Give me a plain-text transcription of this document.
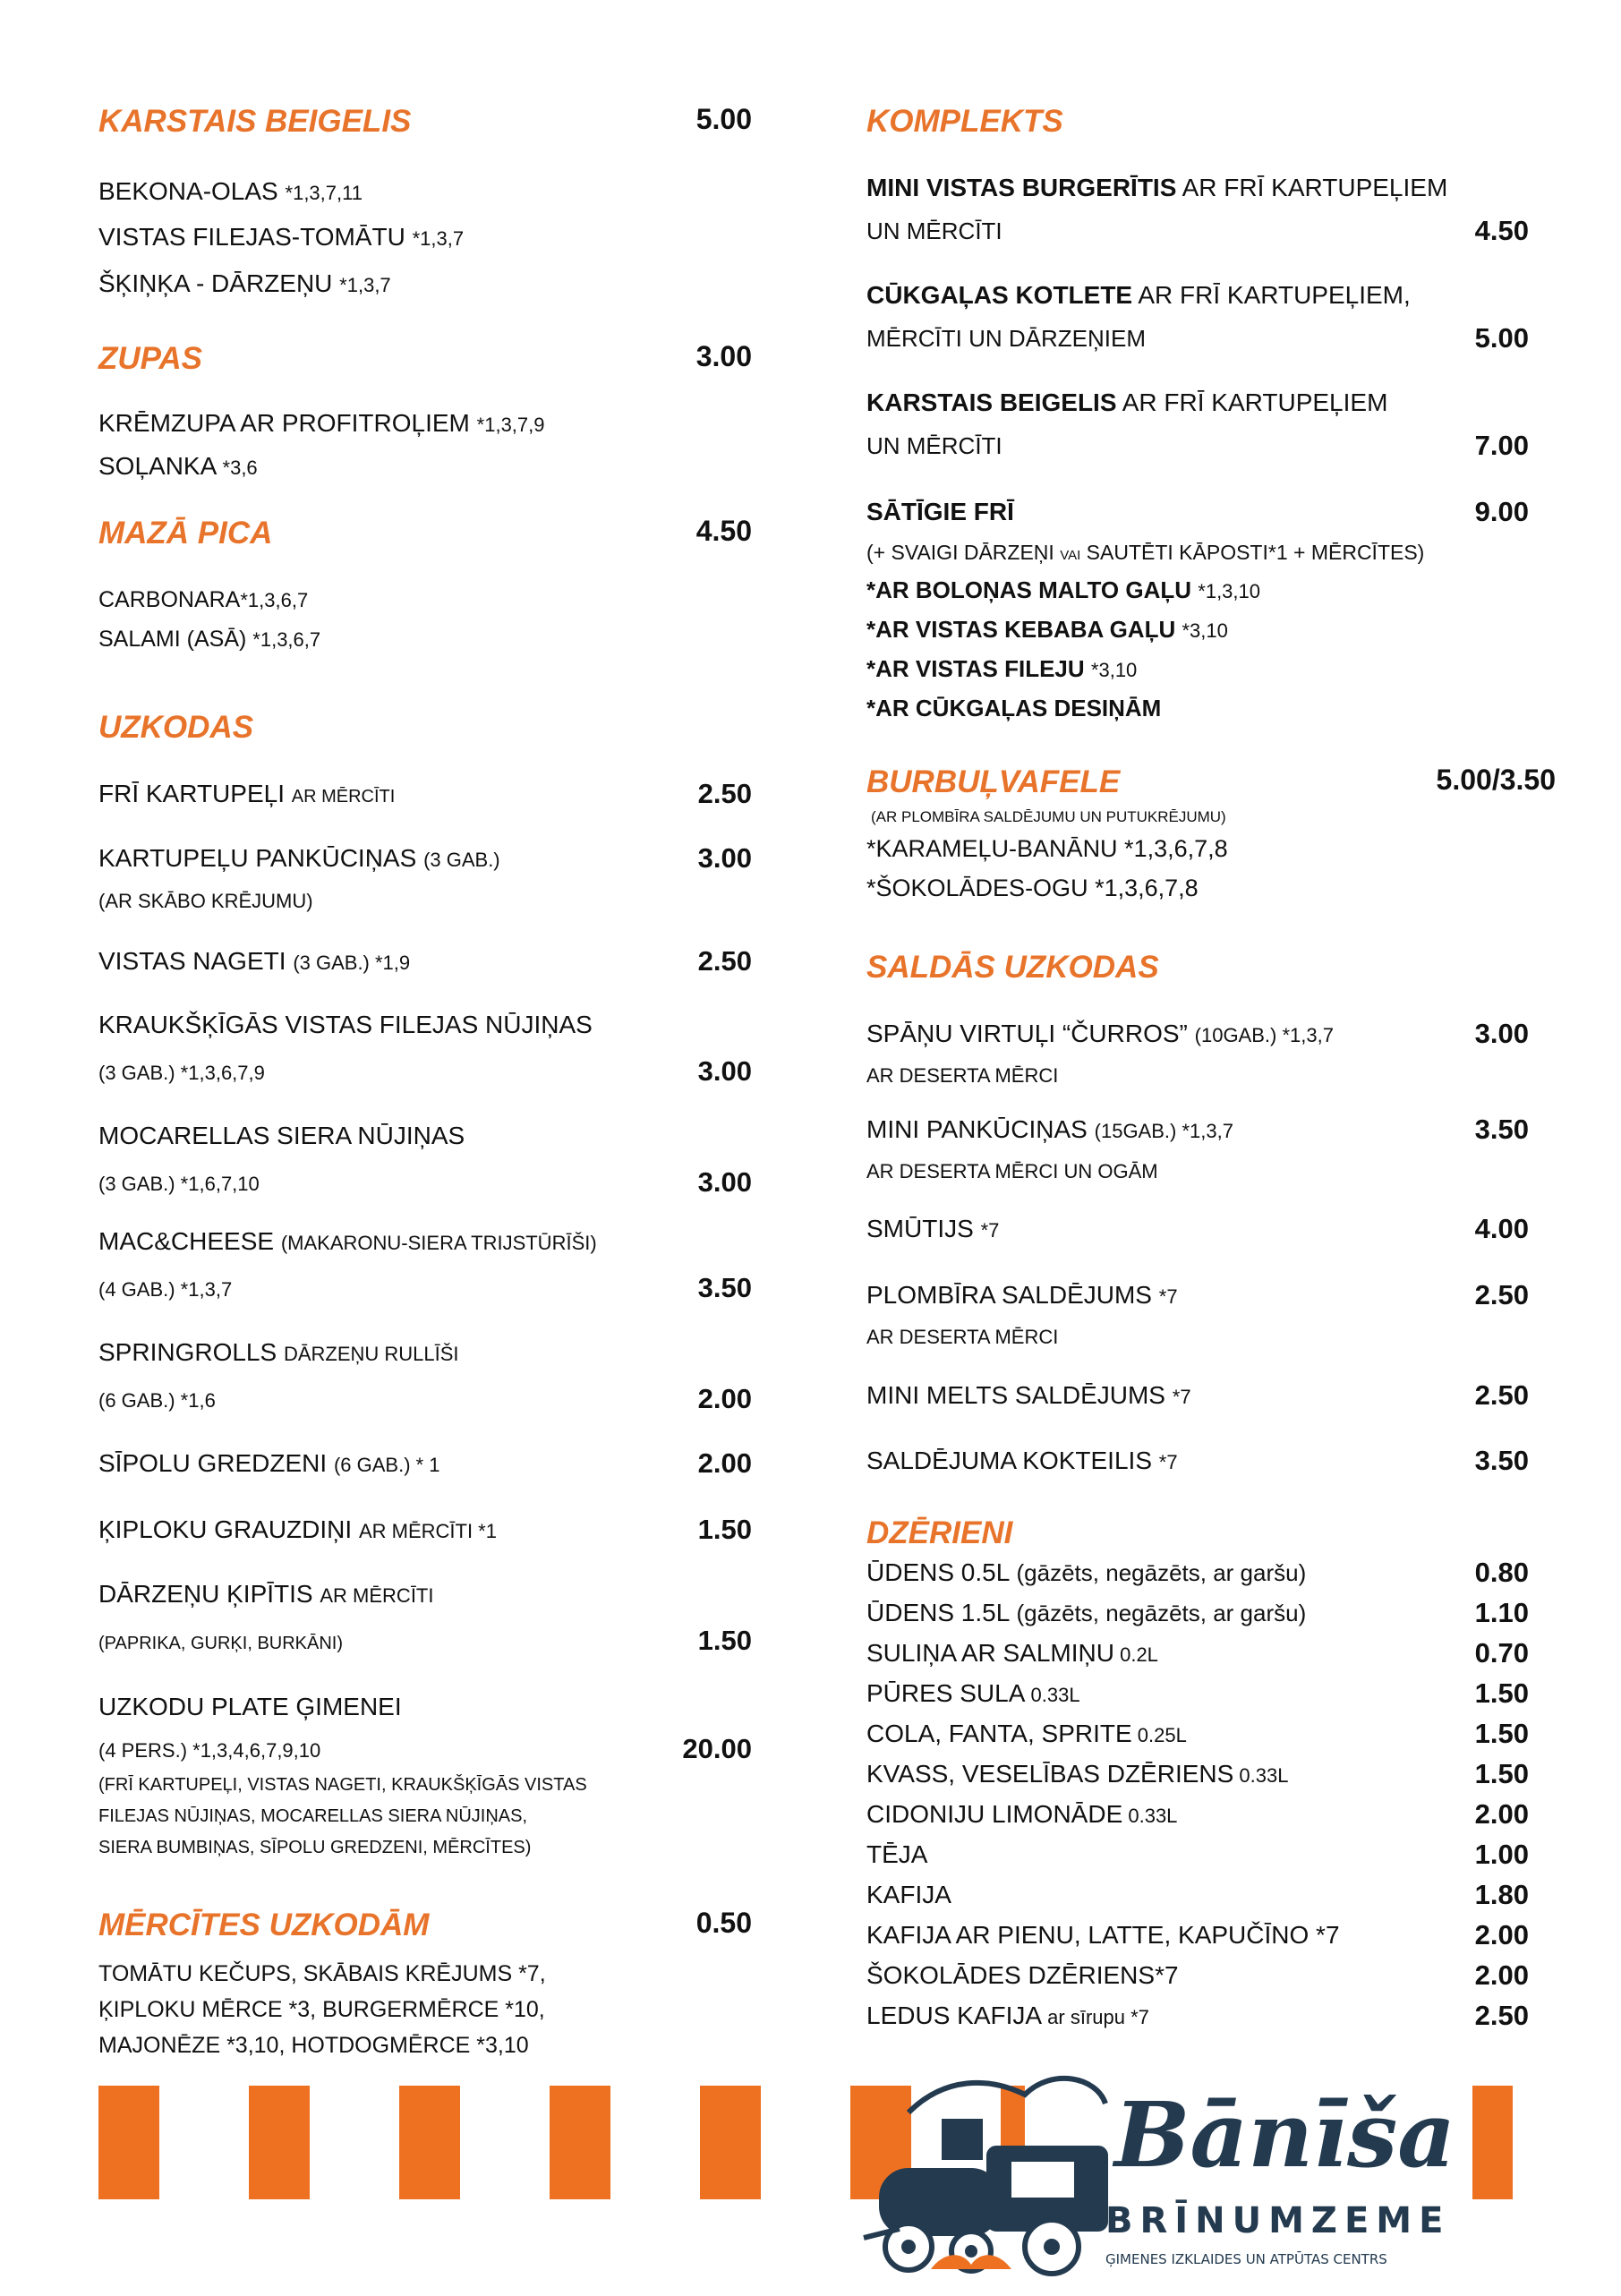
KARSTAIS BEIGELIS	5.00
BEKONA-OLAS *1,3,7,11
VISTAS FILEJAS-TOMĀTU *1,3,7
ŠĶIŅĶA - DĀRZEŅU *1,3,7
ZUPAS	3.00
KRĒMZUPA AR PROFITROĻIEM *1,3,7,9
SOĻANKA *3,6
MAZĀ PICA	4.50
CARBONARA*1,3,6,7
SALAMI (ASĀ) *1,3,6,7
UZKODAS
FRĪ KARTUPEĻI AR MĒRCĪTI	2.50
KARTUPEĻU PANKŪCIŅAS (3 GAB.)	3.00
(AR SKĀBO KRĒJUMU)
VISTAS NAGETI (3 GAB.) *1,9	2.50
KRAUKŠĶĪGĀS VISTAS FILEJAS NŪJIŅAS
(3 GAB.) *1,3,6,7,9	3.00
MOCARELLAS SIERA NŪJIŅAS
(3 GAB.) *1,6,7,10	3.00
MAC&CHEESE (MAKARONU-SIERA TRIJSTŪRĪŠI)
(4 GAB.) *1,3,7	3.50
SPRINGROLLS DĀRZEŅU RULLĪŠI
(6 GAB.) *1,6	2.00
SĪPOLU GREDZENI (6 GAB.) * 1	2.00
ĶIPLOKU GRAUZDIŅI AR MĒRCĪTI *1	1.50
DĀRZEŅU ĶIPĪTIS AR MĒRCĪTI
(PAPRIKA, GURĶI, BURKĀNI)	1.50
UZKODU PLATE ĢIMENEI
(4 PERS.) *1,3,4,6,7,9,10	20.00
(FRĪ KARTUPEĻI, VISTAS NAGETI, KRAUKŠĶĪGĀS VISTAS
FILEJAS NŪJIŅAS, MOCARELLAS SIERA NŪJIŅAS,
SIERA BUMBIŅAS, SĪPOLU GREDZENI, MĒRCĪTES)
MĒRCĪTES UZKODĀM	0.50
TOMĀTU KEČUPS, SKĀBAIS KRĒJUMS *7,
ĶIPLOKU MĒRCE *3, BURGERMĒRCE *10,
MAJONĒZE *3,10, HOTDOGMĒRCE *3,10
KOMPLEKTS
MINI VISTAS BURGERĪTIS AR FRĪ KARTUPEĻIEM
UN MĒRCĪTI	4.50
CŪKGAĻAS KOTLETE AR FRĪ KARTUPEĻIEM,
MĒRCĪTI UN DĀRZEŅIEM	5.00
KARSTAIS BEIGELIS AR FRĪ KARTUPEĻIEM
UN MĒRCĪTI	7.00
SĀTĪGIE FRĪ	9.00
(+ SVAIGI DĀRZEŅI VAI SAUTĒTI KĀPOSTI*1 + MĒRCĪTES)
*AR BOLOŅAS MALTO GAĻU *1,3,10
*AR VISTAS KEBABA GAĻU *3,10
*AR VISTAS FILEJU *3,10
*AR CŪKGAĻAS DESIŅĀM
BURBUĻVAFELE	5.00/3.50
(AR PLOMBĪRA SALDĒJUMU UN PUTUKRĒJUMU)
*KARAMEĻU-BANĀNU *1,3,6,7,8
*ŠOKOLĀDES-OGU *1,3,6,7,8
SALDĀS UZKODAS
SPĀŅU VIRTUĻI “ČURROS” (10GAB.) *1,3,7	3.00
AR DESERTA MĒRCI
MINI PANKŪCIŅAS (15GAB.) *1,3,7	3.50
AR DESERTA MĒRCI UN OGĀM
SMŪTIJS *7	4.00
PLOMBĪRA SALDĒJUMS *7	2.50
AR DESERTA MĒRCI
MINI MELTS SALDĒJUMS *7	2.50
SALDĒJUMA KOKTEILIS *7	3.50
DZĒRIENI
ŪDENS 0.5L (gāzēts, negāzēts, ar garšu)	0.80
ŪDENS 1.5L (gāzēts, negāzēts, ar garšu)	1.10
SULIŅA AR SALMIŅU 0.2L	0.70
PŪRES SULA 0.33L	1.50
COLA, FANTA, SPRITE 0.25L	1.50
KVASS, VESELĪBAS DZĒRIENS 0.33L	1.50
CIDONIJU LIMONĀDE 0.33L	2.00
TĒJA	1.00
KAFIJA	1.80
KAFIJA AR PIENU, LATTE, KAPUČĪNO *7	2.00
ŠOKOLĀDES DZĒRIENS*7	2.00
LEDUS KAFIJA ar sīrupu *7	2.50
Bānīša
BRĪNUMZEME
ĢIMENES IZKLAIDES UN ATPŪTAS CENTRS
